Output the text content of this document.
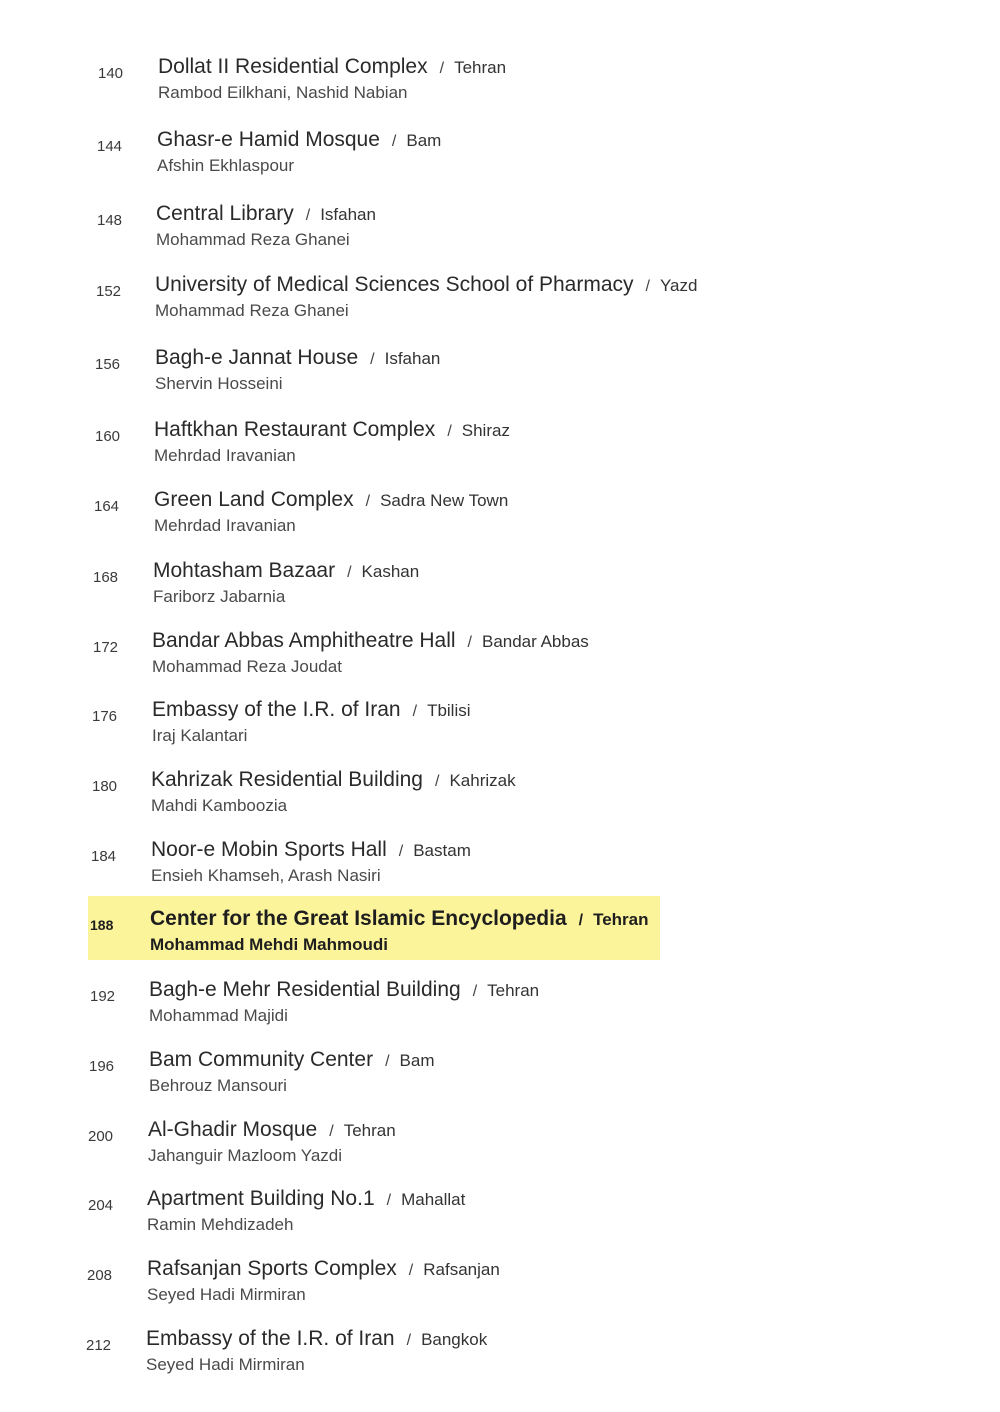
140 Dollat II Residential Complex / Tehran
Rambod Eilkhani, Nashid Nabian
144 Ghasr-e Hamid Mosque / Bam
Afshin Ekhlaspour
148 Central Library / Isfahan
Mohammad Reza Ghanei
152 University of Medical Sciences School of Pharmacy / Yazd
Mohammad Reza Ghanei
156 Bagh-e Jannat House / Isfahan
Shervin Hosseini
160 Haftkhan Restaurant Complex / Shiraz
Mehrdad Iravanian
164 Green Land Complex / Sadra New Town
Mehrdad Iravanian
168 Mohtasham Bazaar / Kashan
Fariborz Jabarnia
172 Bandar Abbas Amphitheatre Hall / Bandar Abbas
Mohammad Reza Joudat
176 Embassy of the I.R. of Iran / Tbilisi
Iraj Kalantari
180 Kahrizak Residential Building / Kahrizak
Mahdi Kamboozia
184 Noor-e Mobin Sports Hall / Bastam
Ensieh Khamseh, Arash Nasiri
188 Center for the Great Islamic Encyclopedia / Tehran
Mohammad Mehdi Mahmoudi
192 Bagh-e Mehr Residential Building / Tehran
Mohammad Majidi
196 Bam Community Center / Bam
Behrouz Mansouri
200 Al-Ghadir Mosque / Tehran
Jahanguir Mazloom Yazdi
204 Apartment Building No.1 / Mahallat
Ramin Mehdizadeh
208 Rafsanjan Sports Complex / Rafsanjan
Seyed Hadi Mirmiran
212 Embassy of the I.R. of Iran / Bangkok
Seyed Hadi Mirmiran
